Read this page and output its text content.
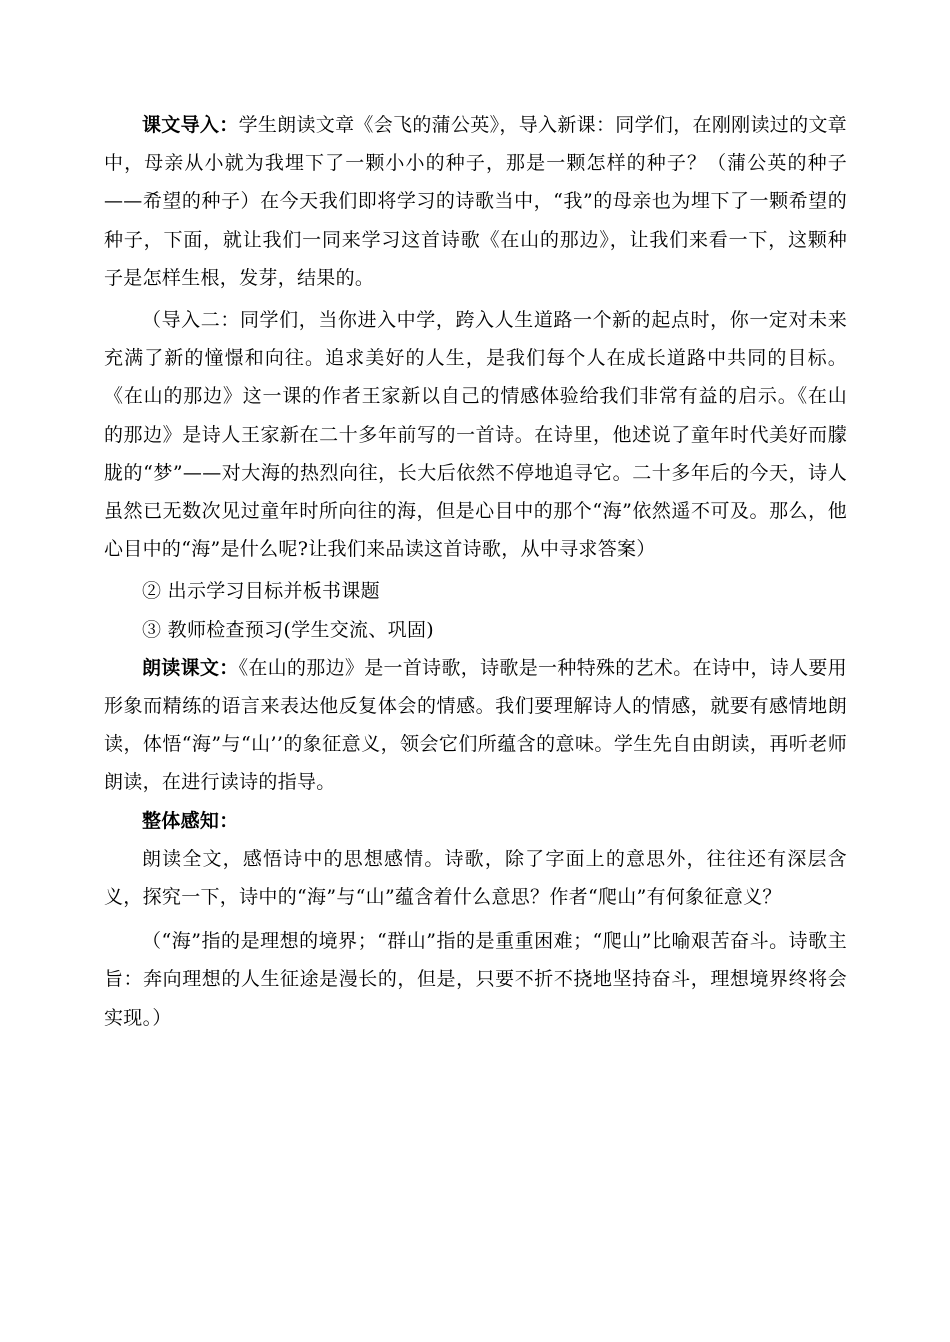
课文导入：学生朗读文章《会飞的蒲公英》，导入新课：同学们，在刚刚读过的文章中，母亲从小就为我埋下了一颗小小的种子，那是一颗怎样的种子？（蒲公英的种子——希望的种子）在今天我们即将学习的诗歌当中，“我”的母亲也为埋下了一颗希望的种子，下面，就让我们一同来学习这首诗歌《在山的那边》，让我们来看一下，这颗种子是怎样生根，发芽，结果的。

（导入二：同学们，当你进入中学，跨入人生道路一个新的起点时，你一定对未来充满了新的憧憬和向往。追求美好的人生，是我们每个人在成长道路中共同的目标。《在山的那边》这一课的作者王家新以自己的情感体验给我们非常有益的启示。《在山的那边》是诗人王家新在二十多年前写的一首诗。在诗里，他述说了童年时代美好而朦胧的“梦”——对大海的热烈向往，长大后依然不停地追寻它。二十多年后的今天，诗人虽然已无数次见过童年时所向往的海，但是心目中的那个“海”依然遥不可及。那么，他心目中的“海”是什么呢?让我们来品读这首诗歌，从中寻求答案）

② 出示学习目标并板书课题

③ 教师检查预习(学生交流、巩固)

朗读课文：《在山的那边》是一首诗歌，诗歌是一种特殊的艺术。在诗中，诗人要用形象而精练的语言来表达他反复体会的情感。我们要理解诗人的情感，就要有感情地朗读，体悟“海”与“山’’的象征意义，领会它们所蕴含的意味。学生先自由朗读，再听老师朗读，在进行读诗的指导。

整体感知：

朗读全文，感悟诗中的思想感情。诗歌，除了字面上的意思外，往往还有深层含义，探究一下，诗中的“海”与“山”蕴含着什么意思？作者“爬山”有何象征意义？

（“海”指的是理想的境界；“群山”指的是重重困难；“爬山”比喻艰苦奋斗。诗歌主旨：奔向理想的人生征途是漫长的，但是，只要不折不挠地坚持奋斗，理想境界终将会实现。）
